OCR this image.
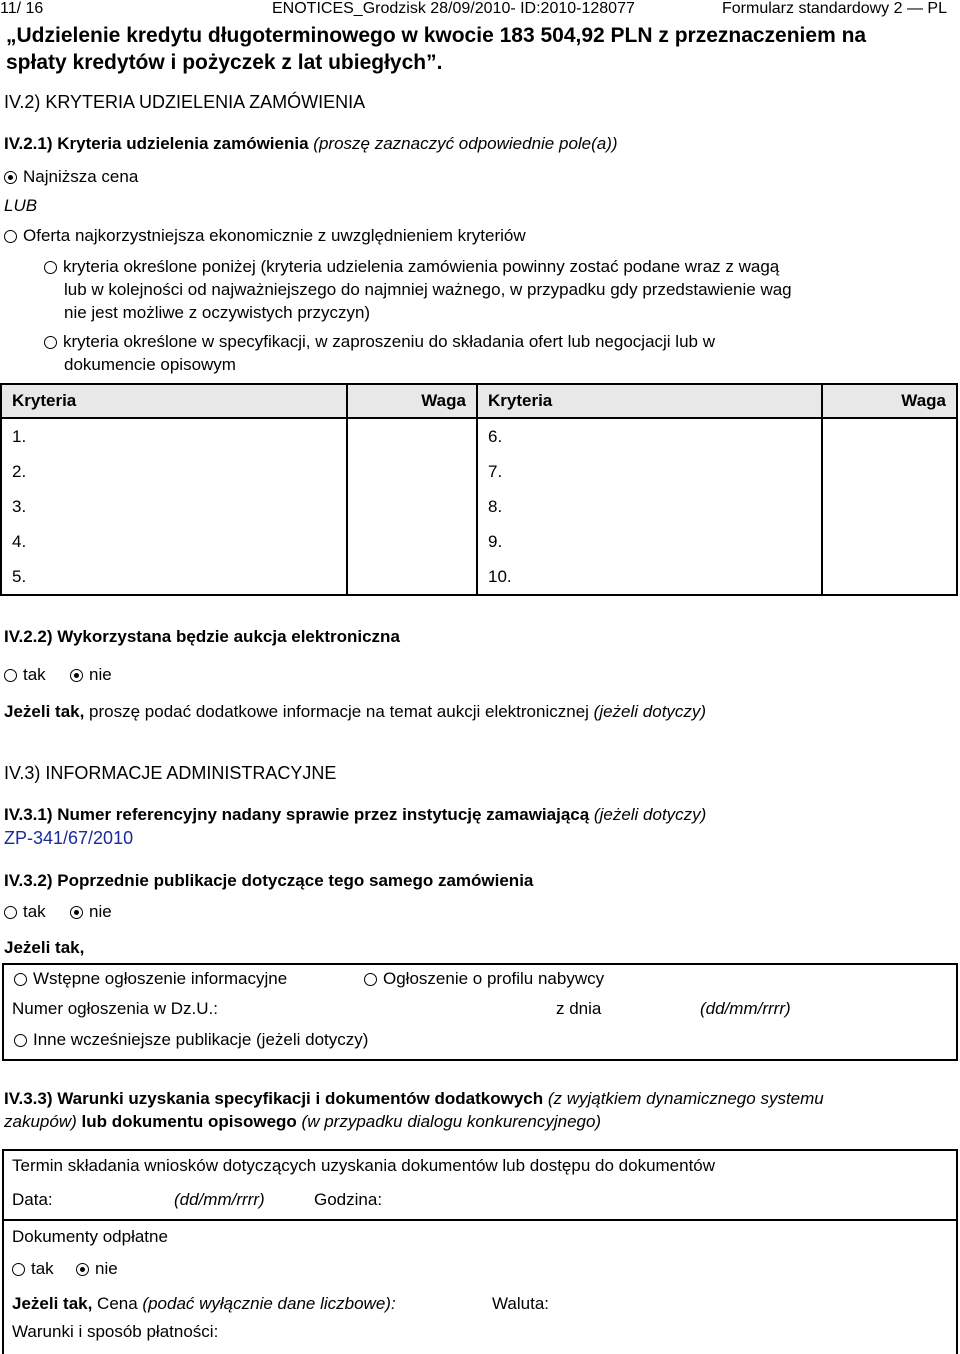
11/ 16	ENOTICES_Grodzisk 28/09/2010- ID:2010-128077	Formularz standardowy 2 — PL
„Udzielenie kredytu długoterminowego w kwocie 183 504,92 PLN z przeznaczeniem na
spłaty kredytów i pożyczek z lat ubiegłych”.
IV.2) KRYTERIA UDZIELENIA ZAMÓWIENIA
IV.2.1) Kryteria udzielenia zamówienia (proszę zaznaczyć odpowiednie pole(a))
Najniższa cena
LUB
Oferta najkorzystniejsza ekonomicznie z uwzględnieniem kryteriów
kryteria określone poniżej (kryteria udzielenia zamówienia powinny zostać podane wraz z wagą
lub w kolejności od najważniejszego do najmniej ważnego, w przypadku gdy przedstawienie wag
nie jest możliwe z oczywistych przyczyn)
kryteria określone w specyfikacji, w zaproszeniu do składania ofert lub negocjacji lub w
dokumencie opisowym
Kryteria	Waga	Kryteria	Waga
1.		6.	
2.		7.	
3.		8.	
4.		9.	
5.		10.	
IV.2.2) Wykorzystana będzie aukcja elektroniczna
tak	nie
Jeżeli tak, proszę podać dodatkowe informacje na temat aukcji elektronicznej (jeżeli dotyczy)
IV.3) INFORMACJE ADMINISTRACYJNE
IV.3.1) Numer referencyjny nadany sprawie przez instytucję zamawiającą (jeżeli dotyczy)
ZP-341/67/2010
IV.3.2) Poprzednie publikacje dotyczące tego samego zamówienia
tak	nie
Jeżeli tak,
Wstępne ogłoszenie informacyjne	Ogłoszenie o profilu nabywcy
Numer ogłoszenia w Dz.U.:	z dnia	(dd/mm/rrrr)
Inne wcześniejsze publikacje (jeżeli dotyczy)
IV.3.3) Warunki uzyskania specyfikacji i dokumentów dodatkowych (z wyjątkiem dynamicznego systemu
zakupów) lub dokumentu opisowego (w przypadku dialogu konkurencyjnego)
Termin składania wniosków dotyczących uzyskania dokumentów lub dostępu do dokumentów
Data:	(dd/mm/rrrr)	Godzina:
Dokumenty odpłatne
tak	nie
Jeżeli tak, Cena (podać wyłącznie dane liczbowe):	Waluta:
Warunki i sposób płatności:
